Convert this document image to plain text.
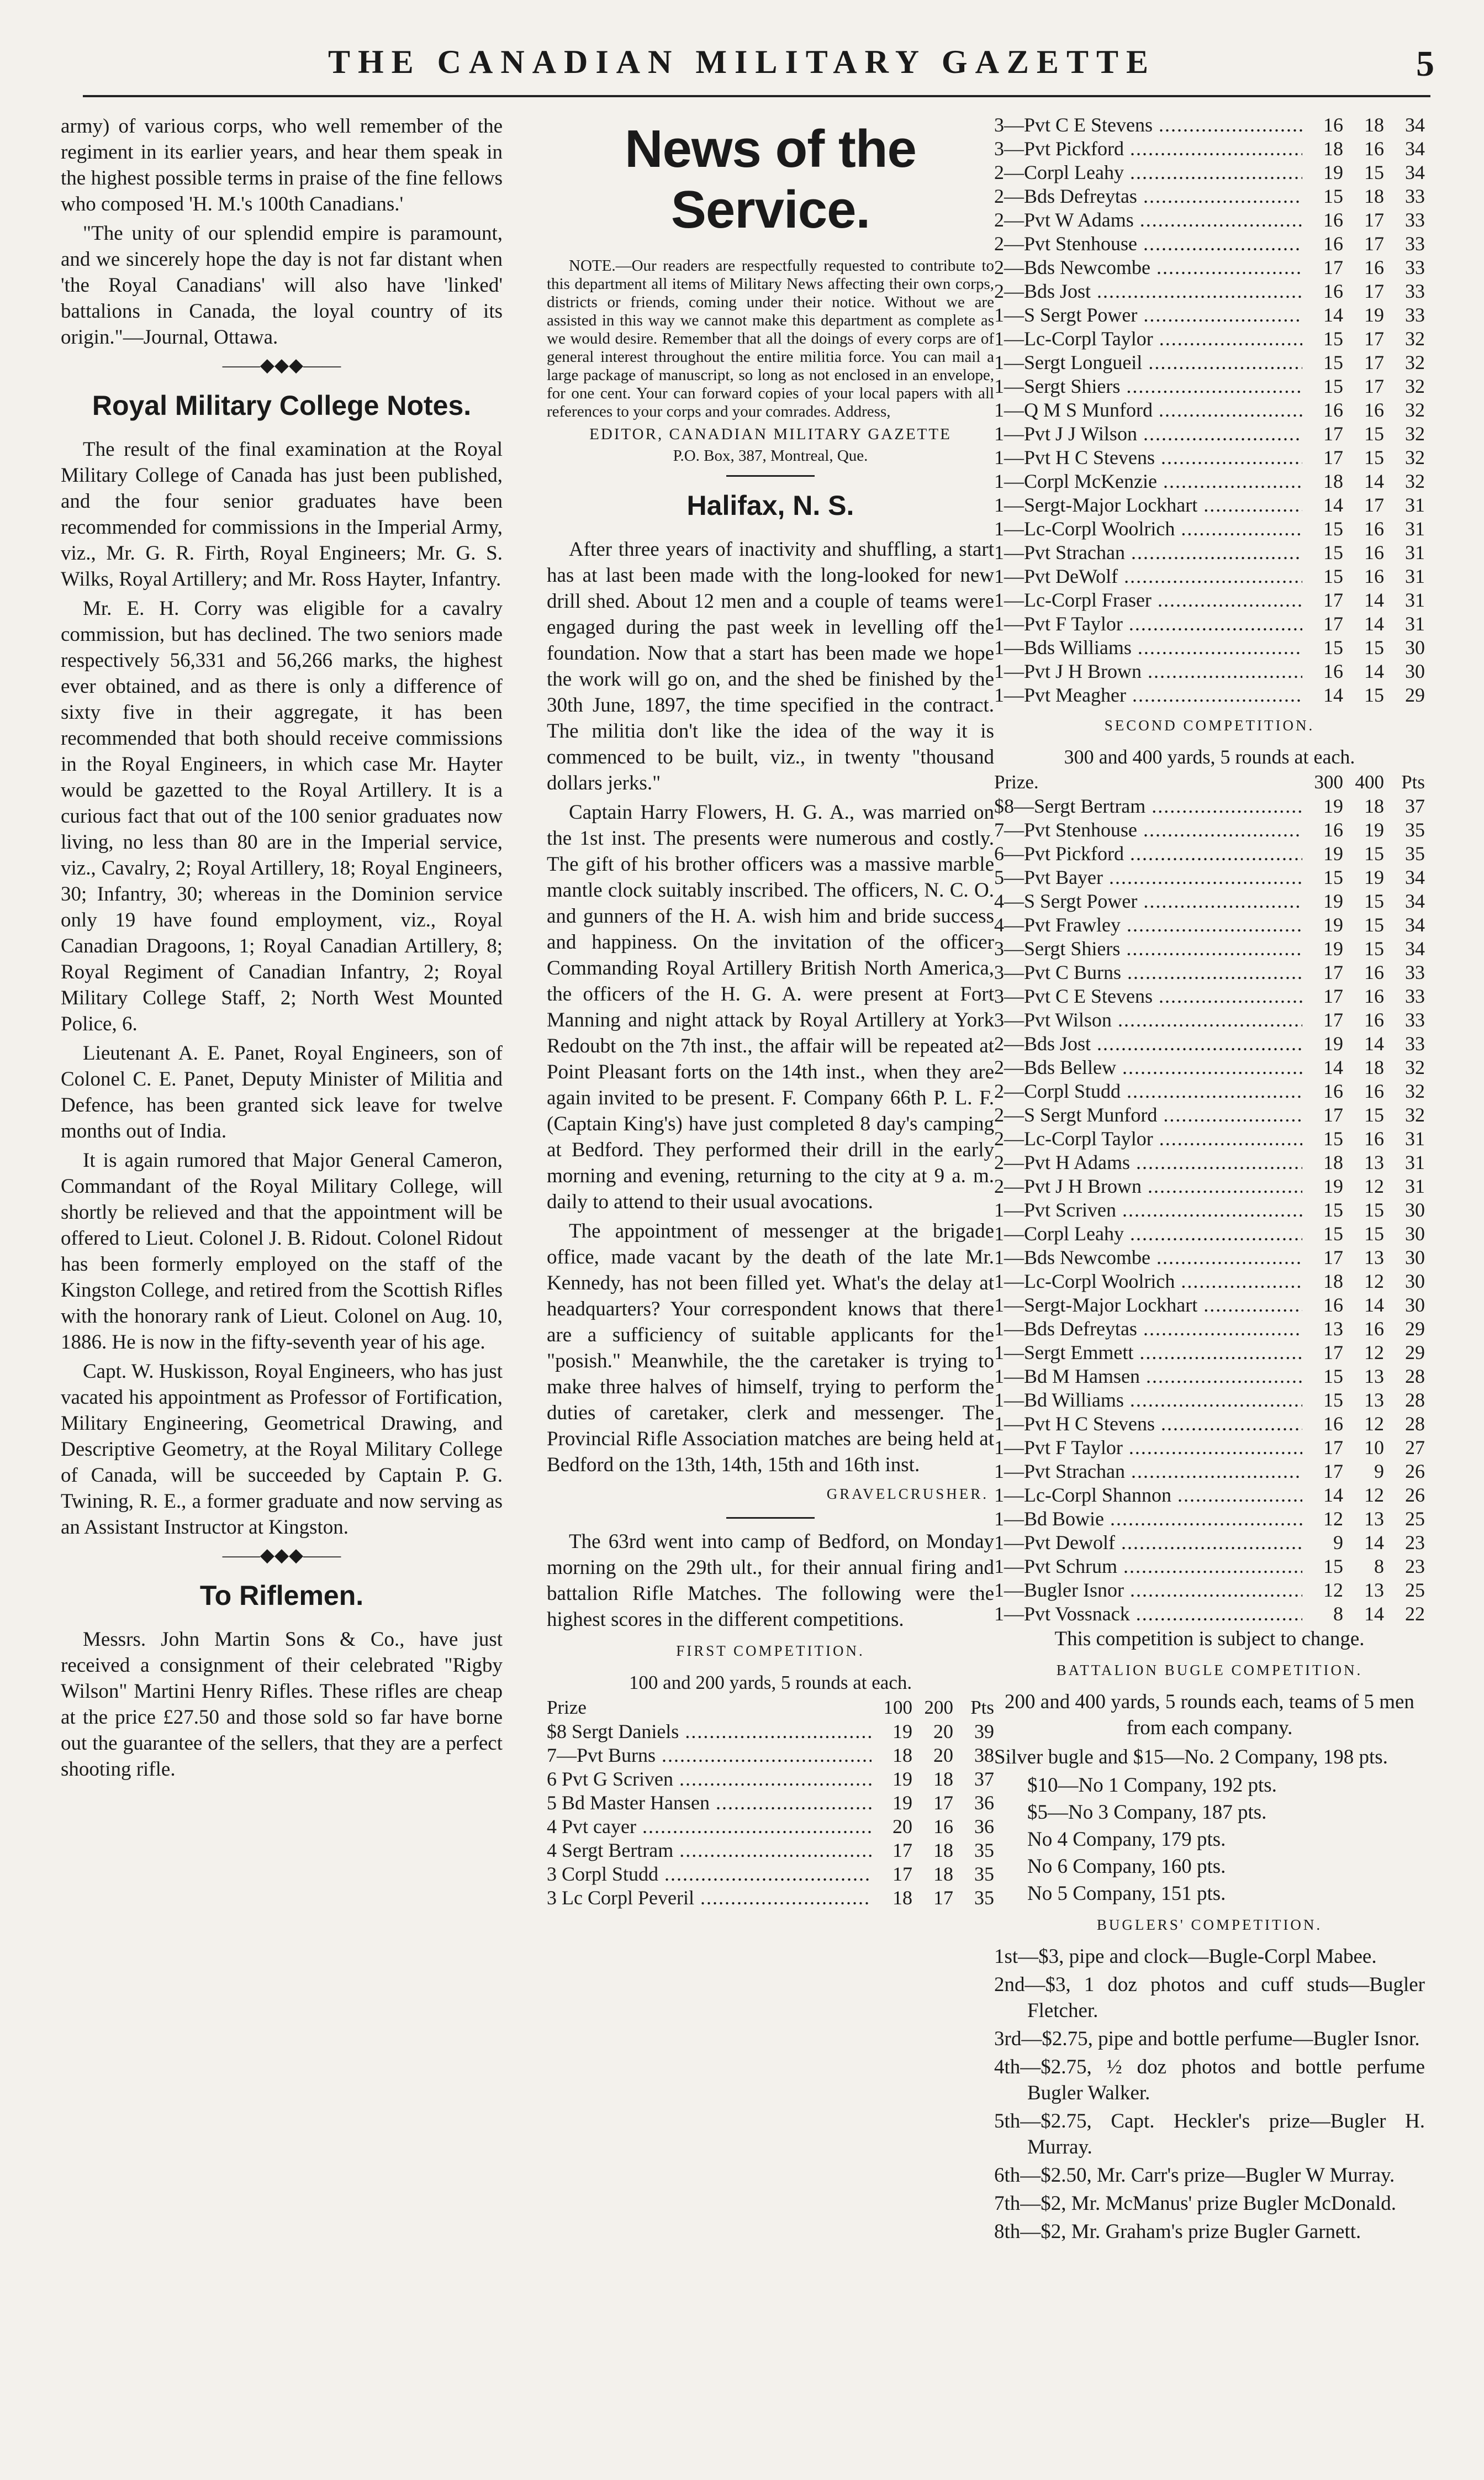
THE CANADIAN MILITARY GAZETTE	5

army) of various corps, who well remember of the regiment in its earlier years, and hear them speak in the highest possible terms in praise of the fine fellows who composed 'H. M.'s 100th Canadians.'

"The unity of our splendid empire is paramount, and we sincerely hope the day is not far distant when 'the Royal Canadians' will also have 'linked' battalions in Canada, the loyal country of its origin."—Journal, Ottawa.

——◆◆◆——
Royal Military College Notes.

The result of the final examination at the Royal Military College of Canada has just been published, and the four senior graduates have been recommended for commissions in the Imperial Army, viz., Mr. G. R. Firth, Royal Engineers; Mr. G. S. Wilks, Royal Artillery; and Mr. Ross Hayter, Infantry.

Mr. E. H. Corry was eligible for a cavalry commission, but has declined. The two seniors made respectively 56,331 and 56,266 marks, the highest ever obtained, and as there is only a difference of sixty five in their aggregate, it has been recommended that both should receive commissions in the Royal Engineers, in which case Mr. Hayter would be gazetted to the Royal Artillery. It is a curious fact that out of the 100 senior graduates now living, no less than 80 are in the Imperial service, viz., Cavalry, 2; Royal Artillery, 18; Royal Engineers, 30; Infantry, 30; whereas in the Dominion service only 19 have found employment, viz., Royal Canadian Dragoons, 1; Royal Canadian Artillery, 8; Royal Regiment of Canadian Infantry, 2; Royal Military College Staff, 2; North West Mounted Police, 6.

Lieutenant A. E. Panet, Royal Engineers, son of Colonel C. E. Panet, Deputy Minister of Militia and Defence, has been granted sick leave for twelve months out of India.

It is again rumored that Major General Cameron, Commandant of the Royal Military College, will shortly be relieved and that the appointment will be offered to Lieut. Colonel J. B. Ridout. Colonel Ridout has been formerly employed on the staff of the Kingston College, and retired from the Scottish Rifles with the honorary rank of Lieut. Colonel on Aug. 10, 1886. He is now in the fifty-seventh year of his age.

Capt. W. Huskisson, Royal Engineers, who has just vacated his appointment as Professor of Fortification, Military Engineering, Geometrical Drawing, and Descriptive Geometry, at the Royal Military College of Canada, will be succeeded by Captain P. G. Twining, R. E., a former graduate and now serving as an Assistant Instructor at Kingston.

——◆◆◆——
To Riflemen.

Messrs. John Martin Sons & Co., have just received a consignment of their celebrated "Rigby Wilson" Martini Henry Rifles. These rifles are cheap at the price £27.50 and those sold so far have borne out the guarantee of the sellers, that they are a perfect shooting rifle.

News of the Service.

NOTE.—Our readers are respectfully requested to contribute to this department all items of Military News affecting their own corps, districts or friends, coming under their notice. Without we are assisted in this way we cannot make this department as complete as we would desire. Remember that all the doings of every corps are of general interest throughout the entire militia force. You can mail a large package of manuscript, so long as not enclosed in an envelope, for one cent. Your can forward copies of your local papers with all references to your corps and your comrades. Address,

EDITOR, CANADIAN MILITARY GAZETTE
P.O. Box, 387, Montreal, Que.
Halifax, N. S.

After three years of inactivity and shuffling, a start has at last been made with the long-looked for new drill shed. About 12 men and a couple of teams were engaged during the past week in levelling off the foundation. Now that a start has been made we hope the work will go on, and the shed be finished by the 30th June, 1897, the time specified in the contract. The militia don't like the idea of the way it is commenced to be built, viz., in twenty "thousand dollars jerks."

Captain Harry Flowers, H. G. A., was married on the 1st inst. The presents were numerous and costly. The gift of his brother officers was a massive marble mantle clock suitably inscribed. The officers, N. C. O. and gunners of the H. A. wish him and bride success and happiness. On the invitation of the officer Commanding Royal Artillery British North America, the officers of the H. G. A. were present at Fort Manning and night attack by Royal Artillery at York Redoubt on the 7th inst., the affair will be repeated at Point Pleasant forts on the 14th inst., when they are again invited to be present. F. Company 66th P. L. F. (Captain King's) have just completed 8 day's camping at Bedford. They performed their drill in the early morning and evening, returning to the city at 9 a. m. daily to attend to their usual avocations.

The appointment of messenger at the brigade office, made vacant by the death of the late Mr. Kennedy, has not been filled yet. What's the delay at headquarters? Your correspondent knows that there are a sufficiency of suitable applicants for the "posish." Meanwhile, the the caretaker is trying to make three halves of himself, trying to perform the duties of caretaker, clerk and messenger. The Provincial Rifle Association matches are being held at Bedford on the 13th, 14th, 15th and 16th inst.

GRAVELCRUSHER.

The 63rd went into camp of Bedford, on Monday morning on the 29th ult., for their annual firing and battalion Rifle Matches. The following were the highest scores in the different competitions.

FIRST COMPETITION.
100 and 200 yards, 5 rounds at each.
Prize	100 200 Pts
$8 Sergt Daniels .....	19	20	39
7—Pvt Burns .....	18	20	38
6 Pvt G Scriven .....	19	18	37
5 Bd Master Hansen .....	19	17	36
4 Pvt cayer .....	20	16	36
4 Sergt Bertram .....	17	18	35
3 Corpl Studd .....	17	18	35
3 Lc Corpl Peveril .....	18	17	35
3—Pvt C E Stevens .....	16	18	34
3—Pvt Pickford .....	18	16	34
2—Corpl Leahy .....	19	15	34
2—Bds Defreytas .....	15	18	33
2—Pvt W Adams .....	16	17	33
2—Pvt Stenhouse .....	16	17	33
2—Bds Newcombe .....	17	16	33
2—Bds Jost .....	16	17	33
1—S Sergt Power .....	14	19	33
1—Lc-Corpl Taylor .....	15	17	32
1—Sergt Longueil .....	15	17	32
1—Sergt Shiers .....	15	17	32
1—Q M S Munford .....	16	16	32
1—Pvt J J Wilson .....	17	15	32
1—Pvt H C Stevens .....	17	15	32
1—Corpl McKenzie .....	18	14	32
1—Sergt-Major Lockhart .....	14	17	31
1—Lc-Corpl Woolrich .....	15	16	31
1—Pvt Strachan .....	15	16	31
1—Pvt DeWolf .....	15	16	31
1—Lc-Corpl Fraser .....	17	14	31
1—Pvt F Taylor .....	17	14	31
1—Bds Williams .....	15	15	30
1—Pvt J H Brown .....	16	14	30
1—Pvt Meagher .....	14	15	29
SECOND COMPETITION.
300 and 400 yards, 5 rounds at each.
Prize.	300 400 Pts
$8—Sergt Bertram .....	19	18	37
7—Pvt Stenhouse .....	16	19	35
6—Pvt Pickford .....	19	15	35
5—Pvt Bayer .....	15	19	34
4—S Sergt Power .....	19	15	34
4—Pvt Frawley .....	19	15	34
3—Sergt Shiers .....	19	15	34
3—Pvt C Burns .....	17	16	33
3—Pvt C E Stevens .....	17	16	33
3—Pvt Wilson .....	17	16	33
2—Bds Jost .....	19	14	33
2—Bds Bellew .....	14	18	32
2—Corpl Studd .....	16	16	32
2—S Sergt Munford .....	17	15	32
2—Lc-Corpl Taylor .....	15	16	31
2—Pvt H Adams .....	18	13	31
2—Pvt J H Brown .....	19	12	31
1—Pvt Scriven .....	15	15	30
1—Corpl Leahy .....	15	15	30
1—Bds Newcombe .....	17	13	30
1—Lc-Corpl Woolrich .....	18	12	30
1—Sergt-Major Lockhart .....	16	14	30
1—Bds Defreytas .....	13	16	29
1—Sergt Emmett .....	17	12	29
1—Bd M Hamsen .....	15	13	28
1—Bd Williams .....	15	13	28
1—Pvt H C Stevens .....	16	12	28
1—Pvt F Taylor .....	17	10	27
1—Pvt Strachan .....	17	9	26
1—Lc-Corpl Shannon .....	14	12	26
1—Bd Bowie .....	12	13	25
1—Pvt Dewolf .....	9	14	23
1—Pvt Schrum .....	15	8	23
1—Bugler Isnor .....	12	13	25
1—Pvt Vossnack .....	8	14	22
This competition is subject to change.
BATTALION BUGLE COMPETITION.

200 and 400 yards, 5 rounds each, teams of 5 men from each company.

Silver bugle and $15—No. 2 Company, 198 pts.

$10—No 1 Company, 192 pts.
$5—No 3 Company, 187 pts.
No 4 Company, 179 pts.
No 6 Company, 160 pts.
No 5 Company, 151 pts.
BUGLERS' COMPETITION.

1st—$3, pipe and clock—Bugle-Corpl Mabee.

2nd—$3, 1 doz photos and cuff studs—Bugler Fletcher.

3rd—$2.75, pipe and bottle perfume—Bugler Isnor.

4th—$2.75, ½ doz photos and bottle perfume Bugler Walker.

5th—$2.75, Capt. Heckler's prize—Bugler H. Murray.

6th—$2.50, Mr. Carr's prize—Bugler W Murray.

7th—$2, Mr. McManus' prize Bugler McDonald.

8th—$2, Mr. Graham's prize Bugler Garnett.
